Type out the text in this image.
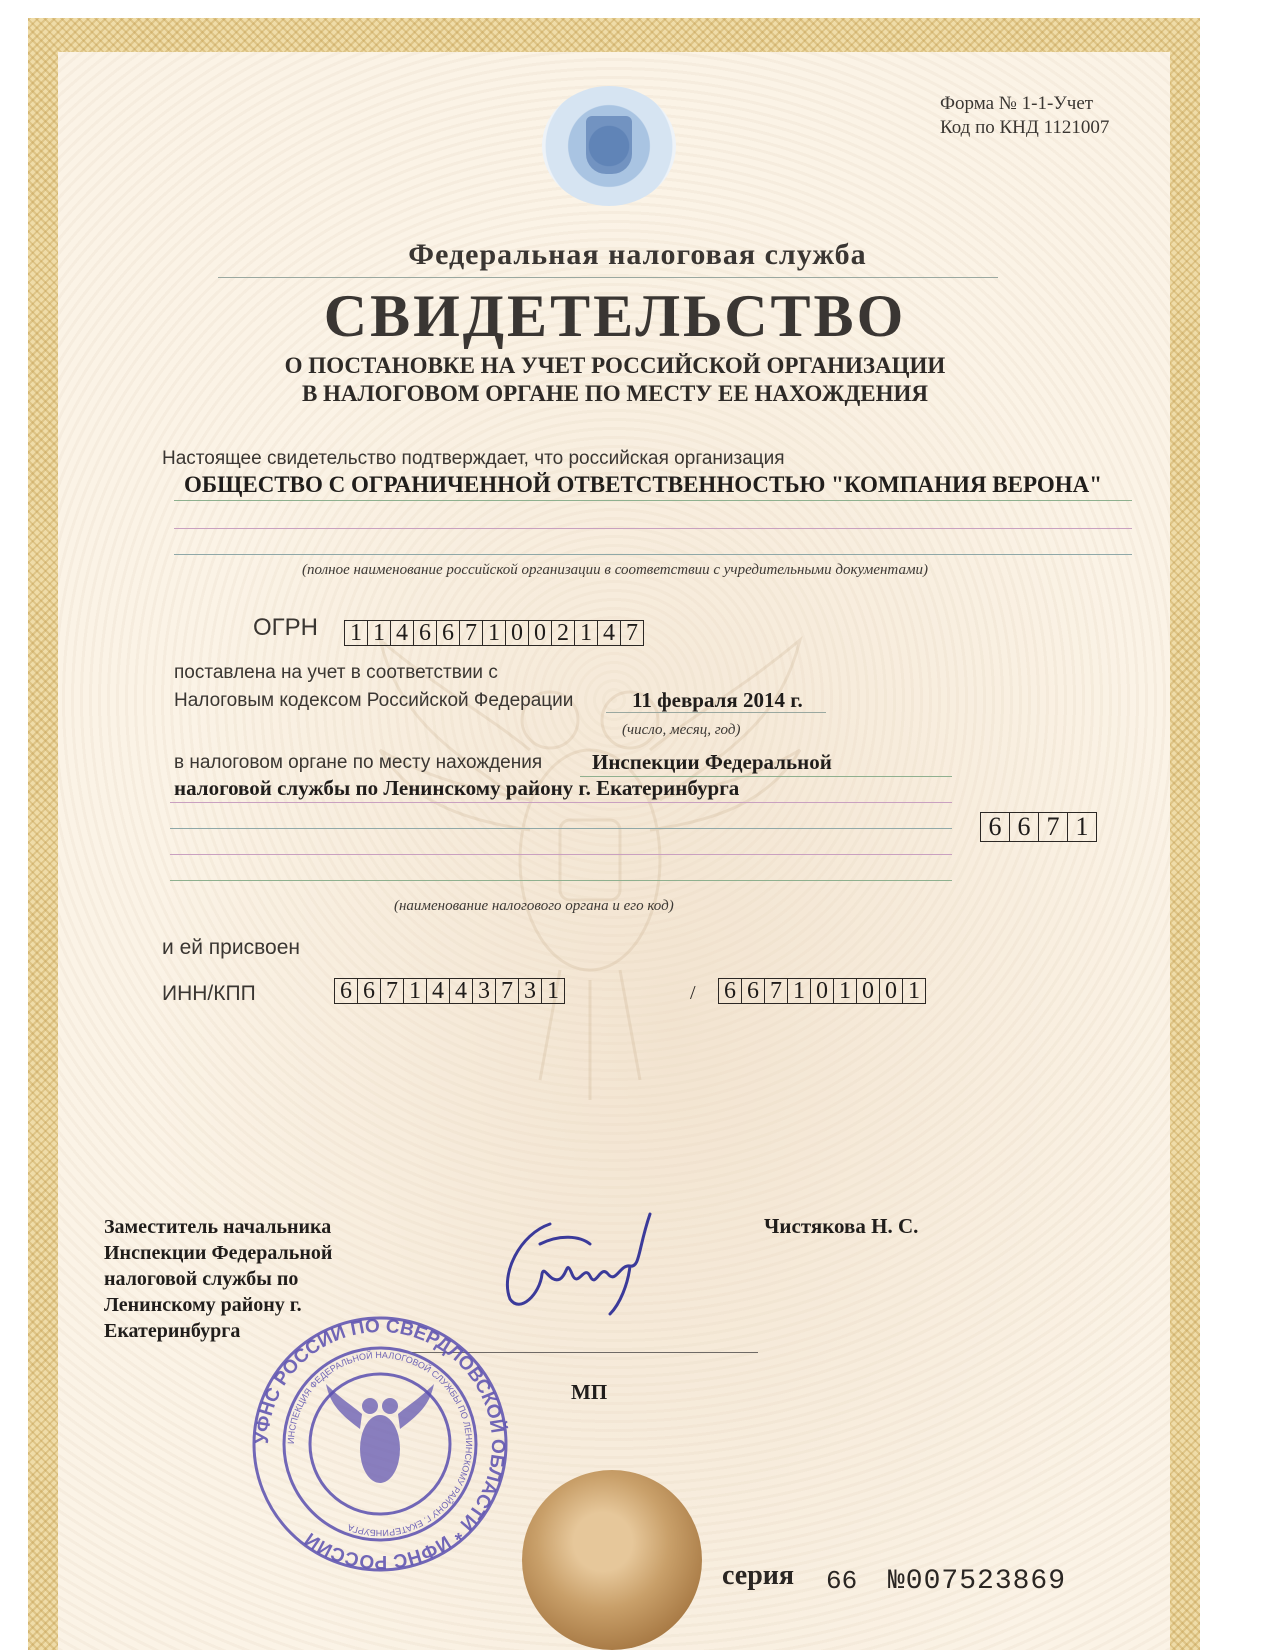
Форма № 1-1-Учет
Код по КНД 1121007
Федеральная налоговая служба
СВИДЕТЕЛЬСТВО
О ПОСТАНОВКЕ НА УЧЕТ РОССИЙСКОЙ ОРГАНИЗАЦИИ
В НАЛОГОВОМ ОРГАНЕ ПО МЕСТУ ЕЕ НАХОЖДЕНИЯ
Настоящее свидетельство подтверждает, что российская организация
ОБЩЕСТВО С ОГРАНИЧЕННОЙ ОТВЕТСТВЕННОСТЬЮ "КОМПАНИЯ ВЕРОНА"
(полное наименование российской организации в соответствии с учредительными документами)
ОГРН 1 1 4 6 6 7 1 0 0 2 1 4 7
поставлена на учет в соответствии с
Налоговым кодексом Российской Федерации	11 февраля 2014 г.
(число, месяц, год)
в налоговом органе по месту нахождения Инспекции Федеральной
налоговой службы по Ленинскому району г. Екатеринбурга
6 6 7 1
(наименование налогового органа и его код)
и ей присвоен
ИНН/КПП	6 6 7 1 4 4 3 7 3 1	/ 6 6 7 1 0 1 0 0 1
Заместитель начальника Инспекции Федеральной налоговой службы по Ленинскому району г. Екатеринбурга
Чистякова Н. С.
МП
УФНС РОССИИ ПО СВЕРДЛОВСКОЙ ОБЛАСТИ * ИФНС РОССИИ
ИНСПЕКЦИЯ ФЕДЕРАЛЬНОЙ НАЛОГОВОЙ СЛУЖБЫ ПО ЛЕНИНСКОМУ РАЙОНУ Г. ЕКАТЕРИНБУРГА
серия 66 №007523869
